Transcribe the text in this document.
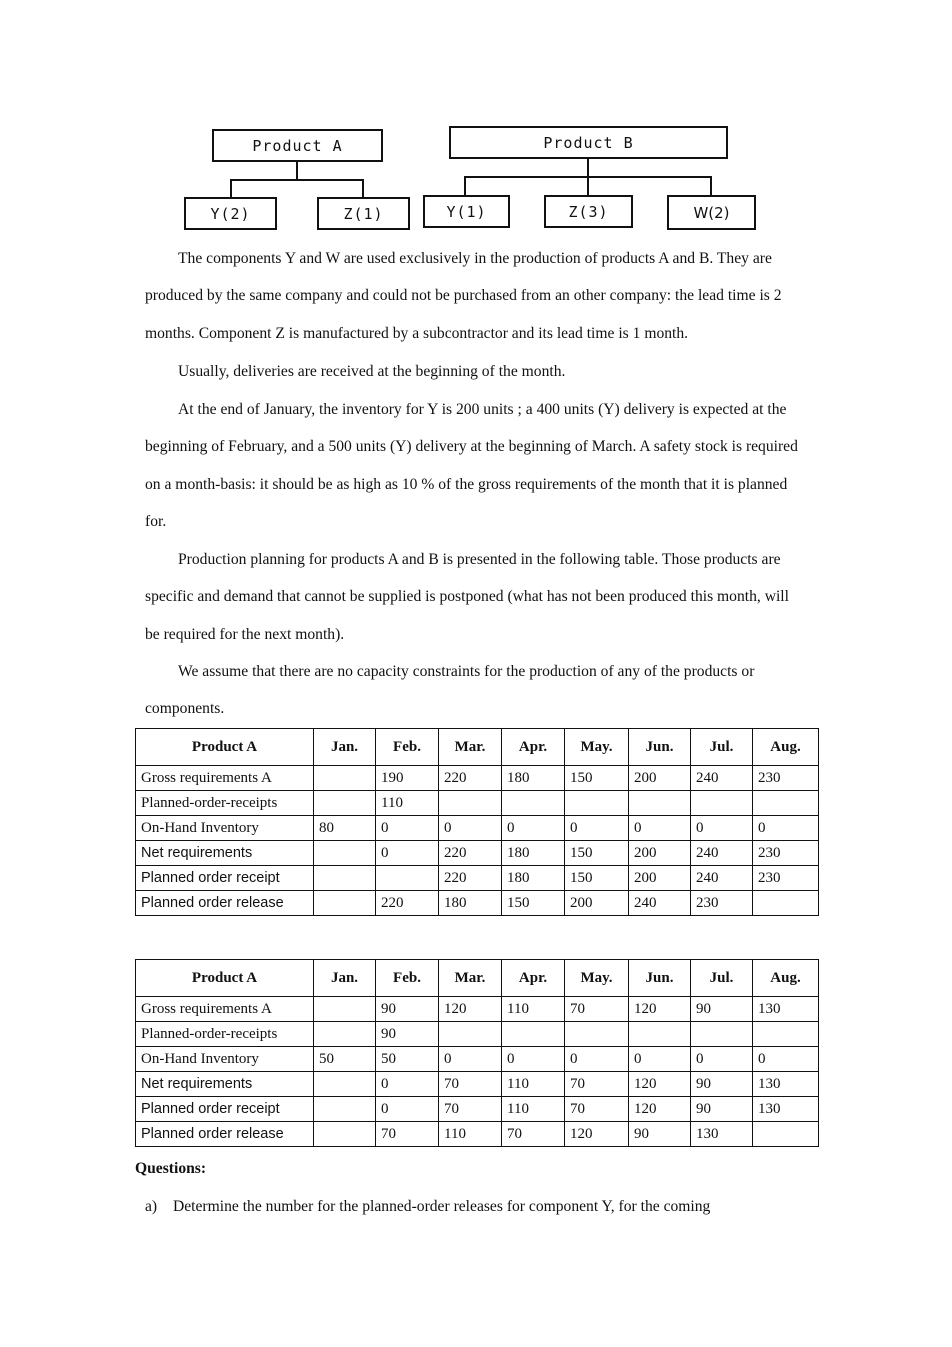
Product A
Y(2)	Z(1)
Product B
Y(1)	Z(3)	W(2)

The components Y and W are used exclusively in the production of products A and B. They are produced by the same company and could not be purchased from an other company: the lead time is 2 months. Component Z is manufactured by a subcontractor and its lead time is 1 month.

Usually, deliveries are received at the beginning of the month.

At the end of January, the inventory for Y is 200 units ; a 400 units (Y) delivery is expected at the beginning of February, and a 500 units (Y) delivery at the beginning of March. A safety stock is required on a month-basis: it should be as high as 10 % of the gross requirements of the month that it is planned for.

Production planning for products A and B is presented in the following table. Those products are specific and demand that cannot be supplied is postponed (what has not been produced this month, will be required for the next month).

We assume that there are no capacity constraints for the production of any of the products or components.

Product A	Jan.	Feb.	Mar.	Apr.	May.	Jun.	Jul.	Aug.
Gross requirements A		190	220	180	150	200	240	230
Planned-order-receipts		110						
On-Hand Inventory	80	0	0	0	0	0	0	0
Net requirements		0	220	180	150	200	240	230
Planned order receipt			220	180	150	200	240	230
Planned order release		220	180	150	200	240	230	
Product A	Jan.	Feb.	Mar.	Apr.	May.	Jun.	Jul.	Aug.
Gross requirements A		90	120	110	70	120	90	130
Planned-order-receipts		90						
On-Hand Inventory	50	50	0	0	0	0	0	0
Net requirements		0	70	110	70	120	90	130
Planned order receipt		0	70	110	70	120	90	130
Planned order release		70	110	70	120	90	130	
Questions:
a) Determine the number for the planned-order releases for component Y, for the coming
